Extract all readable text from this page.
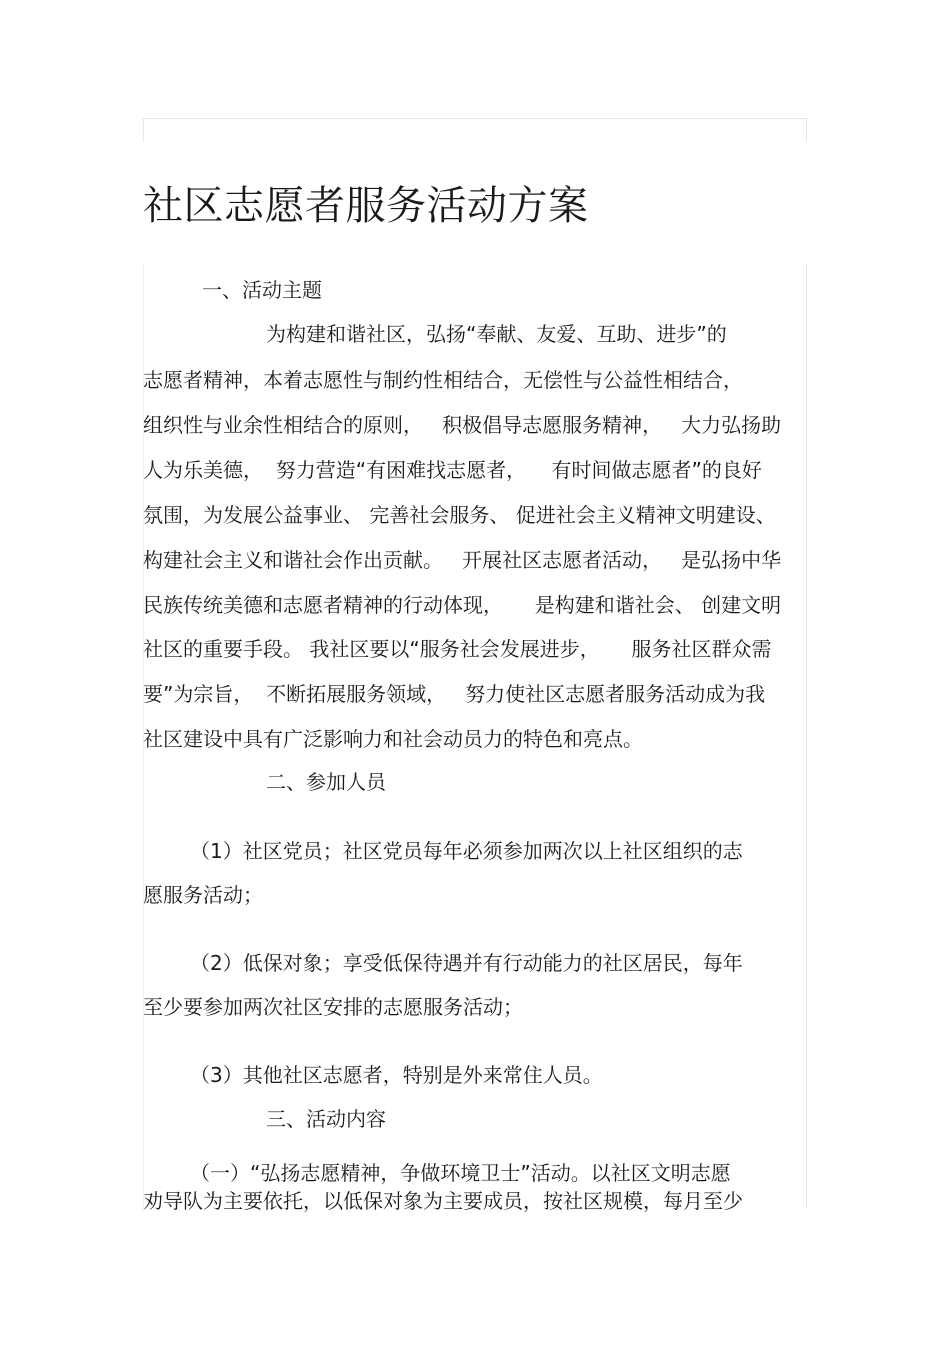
社区志愿者服务活动方案

一、活动主题

为构建和谐社区，弘扬“奉献、友爱、互助、进步”的

志愿者精神，本着志愿性与制约性相结合，无偿性与公益性相结合，

组织性与业余性相结合的原则，   积极倡导志愿服务精神，   大力弘扬助

人为乐美德，  努力营造“有困难找志愿者，    有时间做志愿者”的良好

氛围，为发展公益事业、 完善社会服务、 促进社会主义精神文明建设、

构建社会主义和谐社会作出贡献。   开展社区志愿者活动，   是弘扬中华

民族传统美德和志愿者精神的行动体现，     是构建和谐社会、 创建文明

社区的重要手段。 我社区要以“服务社会发展进步，     服务社区群众需

要”为宗旨，  不断拓展服务领域，   努力使社区志愿者服务活动成为我

社区建设中具有广泛影响力和社会动员力的特色和亮点。

二、参加人员

（1）社区党员；社区党员每年必须参加两次以上社区组织的志

愿服务活动；

（2）低保对象；享受低保待遇并有行动能力的社区居民，每年

至少要参加两次社区安排的志愿服务活动；

（3）其他社区志愿者，特别是外来常住人员。

三、活动内容

（一）“弘扬志愿精神，争做环境卫士”活动。以社区文明志愿

劝导队为主要依托，以低保对象为主要成员，按社区规模，每月至少
